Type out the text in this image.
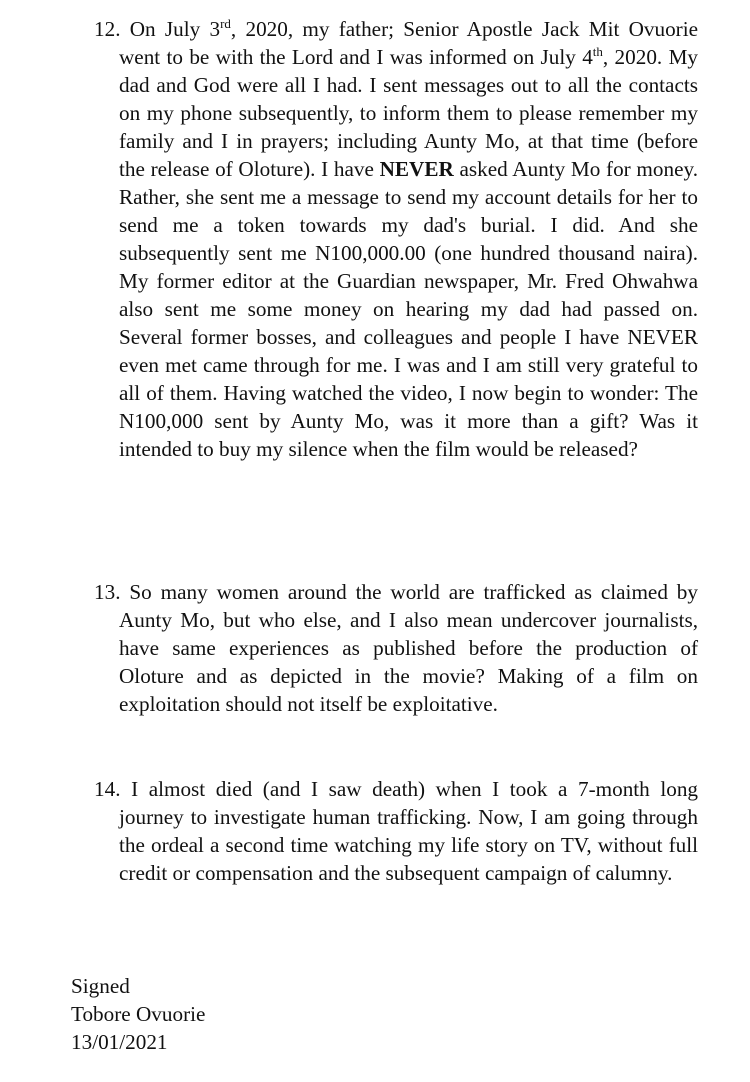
12. On July 3rd, 2020, my father; Senior Apostle Jack Mit Ovuorie went to be with the Lord and I was informed on July 4th, 2020. My dad and God were all I had. I sent messages out to all the contacts on my phone subsequently, to inform them to please remember my family and I in prayers; including Aunty Mo, at that time (before the release of Oloture). I have NEVER asked Aunty Mo for money. Rather, she sent me a message to send my account details for her to send me a token towards my dad's burial. I did. And she subsequently sent me N100,000.00 (one hundred thousand naira). My former editor at the Guardian newspaper, Mr. Fred Ohwahwa also sent me some money on hearing my dad had passed on. Several former bosses, and colleagues and people I have NEVER even met came through for me. I was and I am still very grateful to all of them. Having watched the video, I now begin to wonder: The N100,000 sent by Aunty Mo, was it more than a gift? Was it intended to buy my silence when the film would be released?

13. So many women around the world are trafficked as claimed by Aunty Mo, but who else, and I also mean undercover journalists, have same experiences as published before the production of Oloture and as depicted in the movie? Making of a film on exploitation should not itself be exploitative.

14. I almost died (and I saw death) when I took a 7-month long journey to investigate human trafficking. Now, I am going through the ordeal a second time watching my life story on TV, without full credit or compensation and the subsequent campaign of calumny.

Signed
Tobore Ovuorie
13/01/2021
